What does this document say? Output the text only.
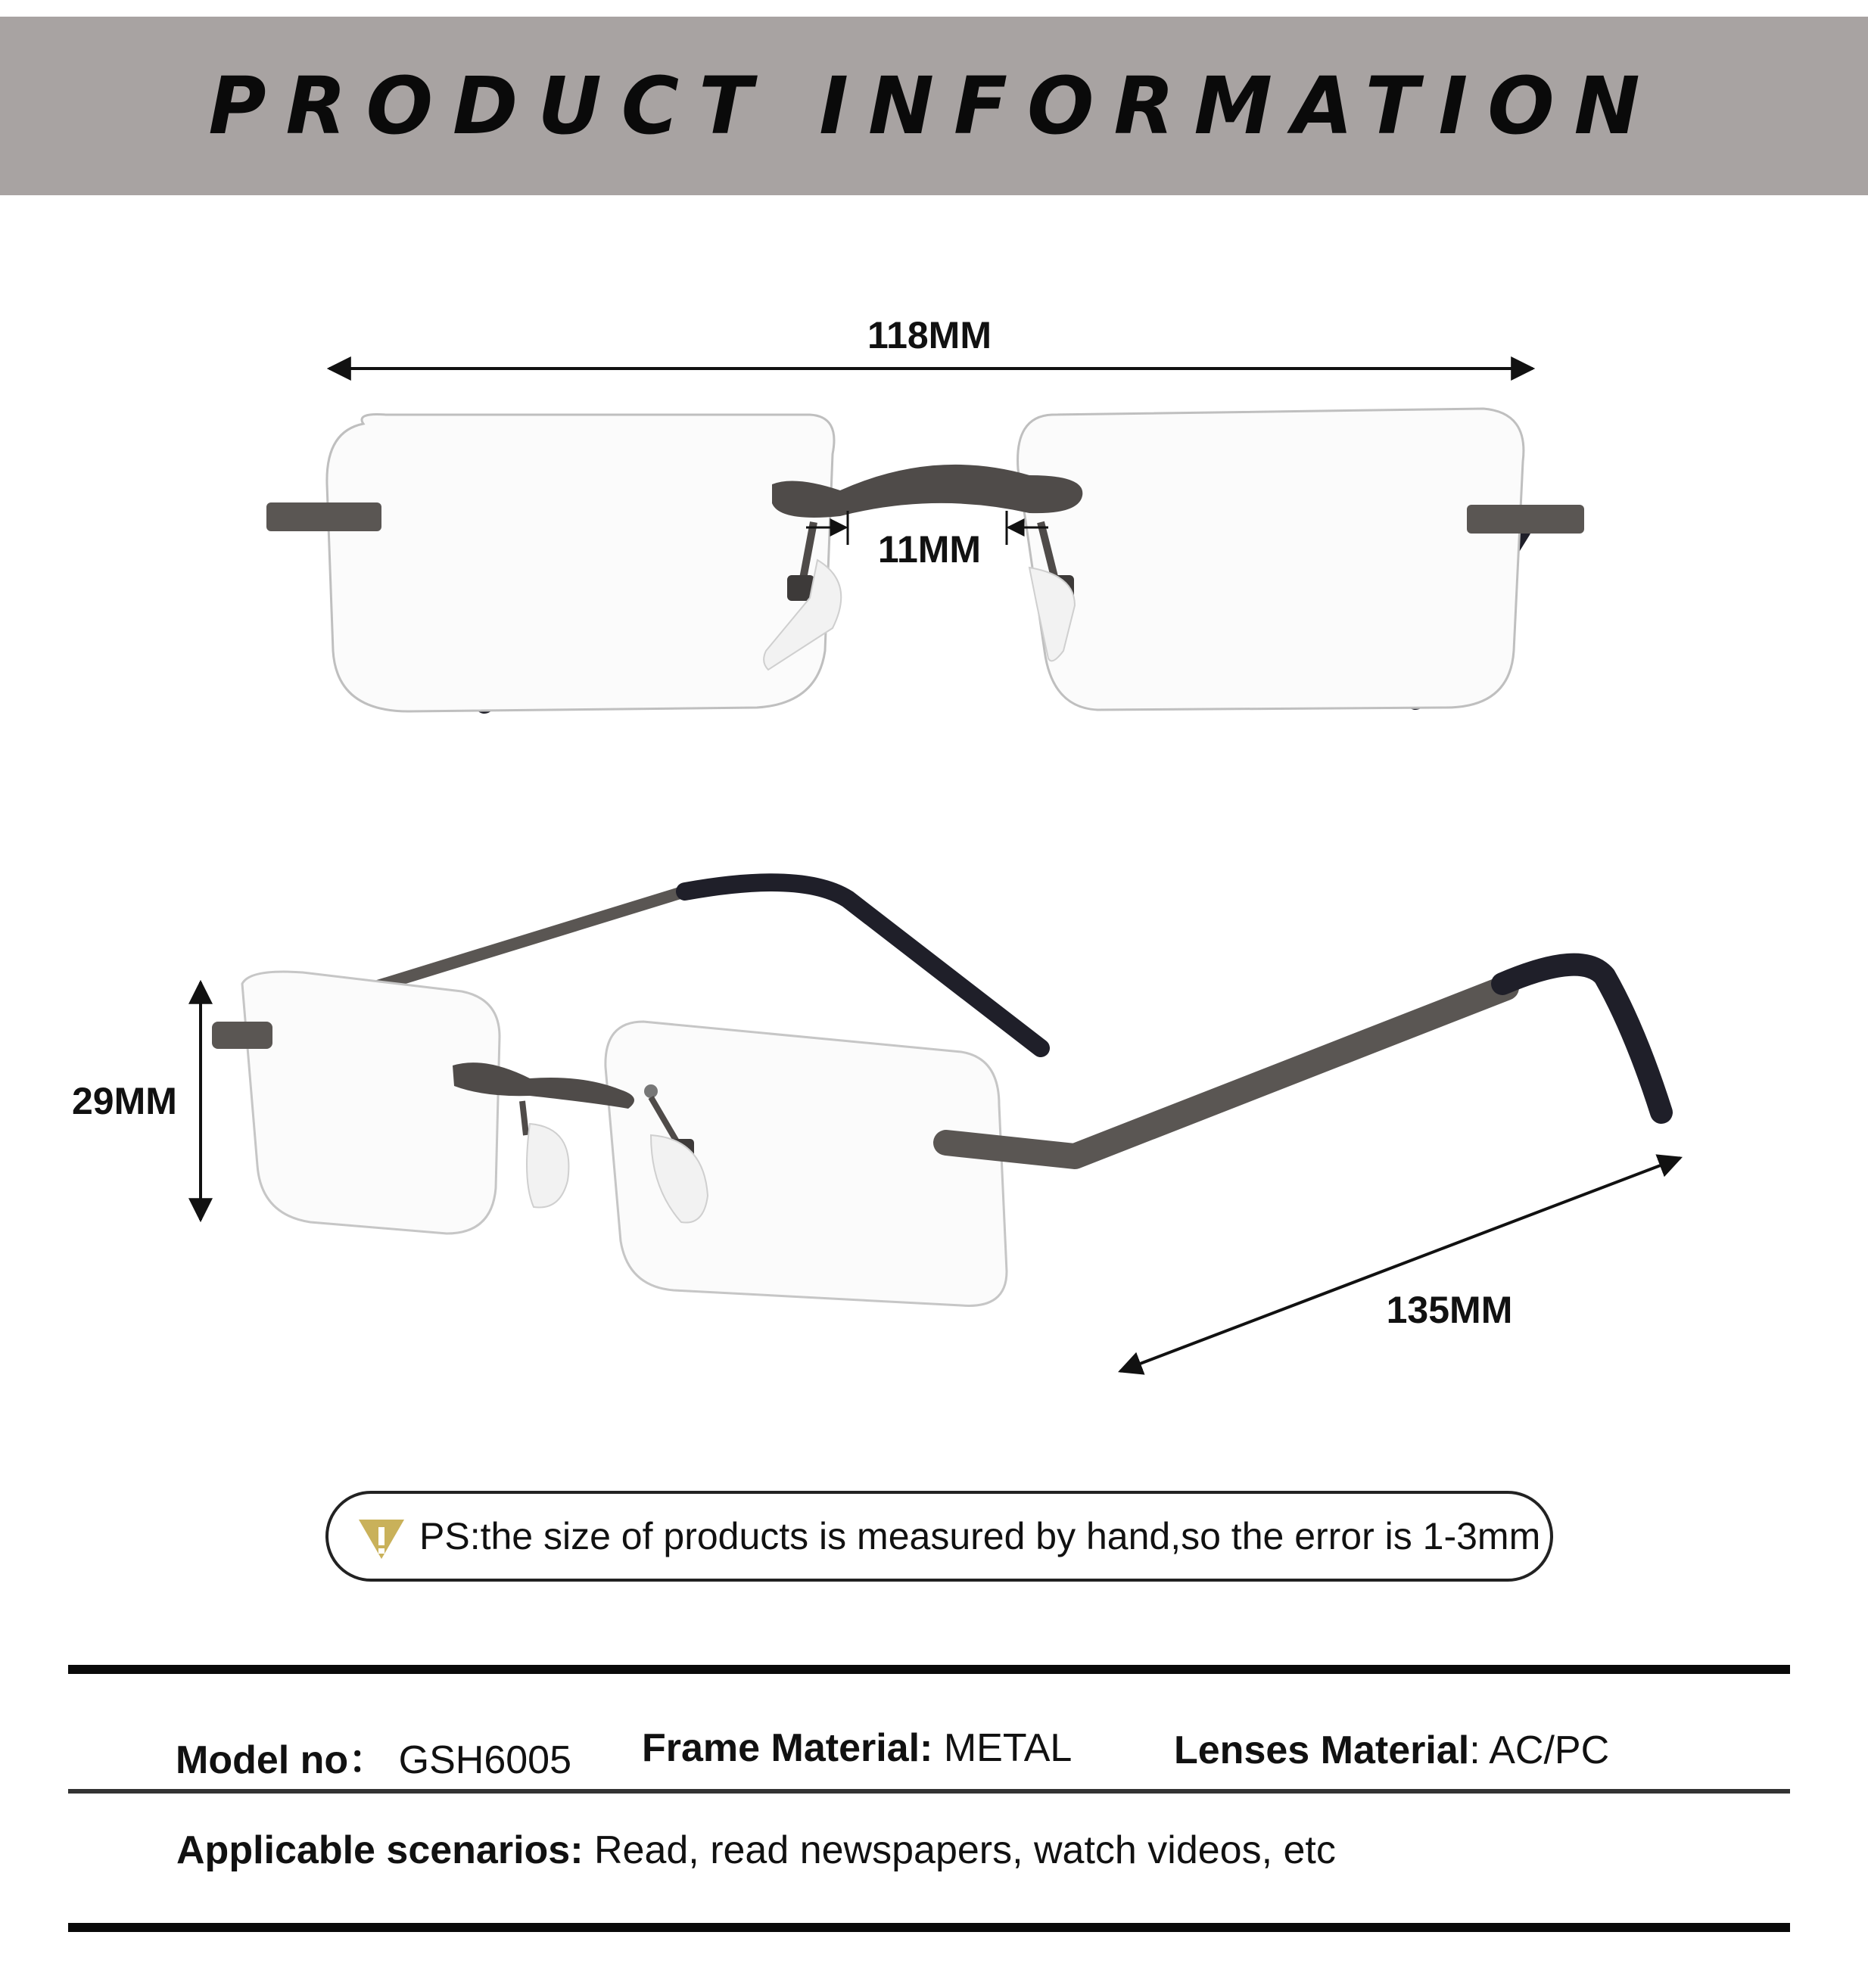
PRODUCT INFORMATION
118MM
11MM
29MM
135MM
PS:the size of products is measured by hand,so the error is 1-3mm
Model no： GSH6005 Frame Material: METAL	Lenses Material: AC/PC
Applicable scenarios: Read, read newspapers, watch videos, etc
